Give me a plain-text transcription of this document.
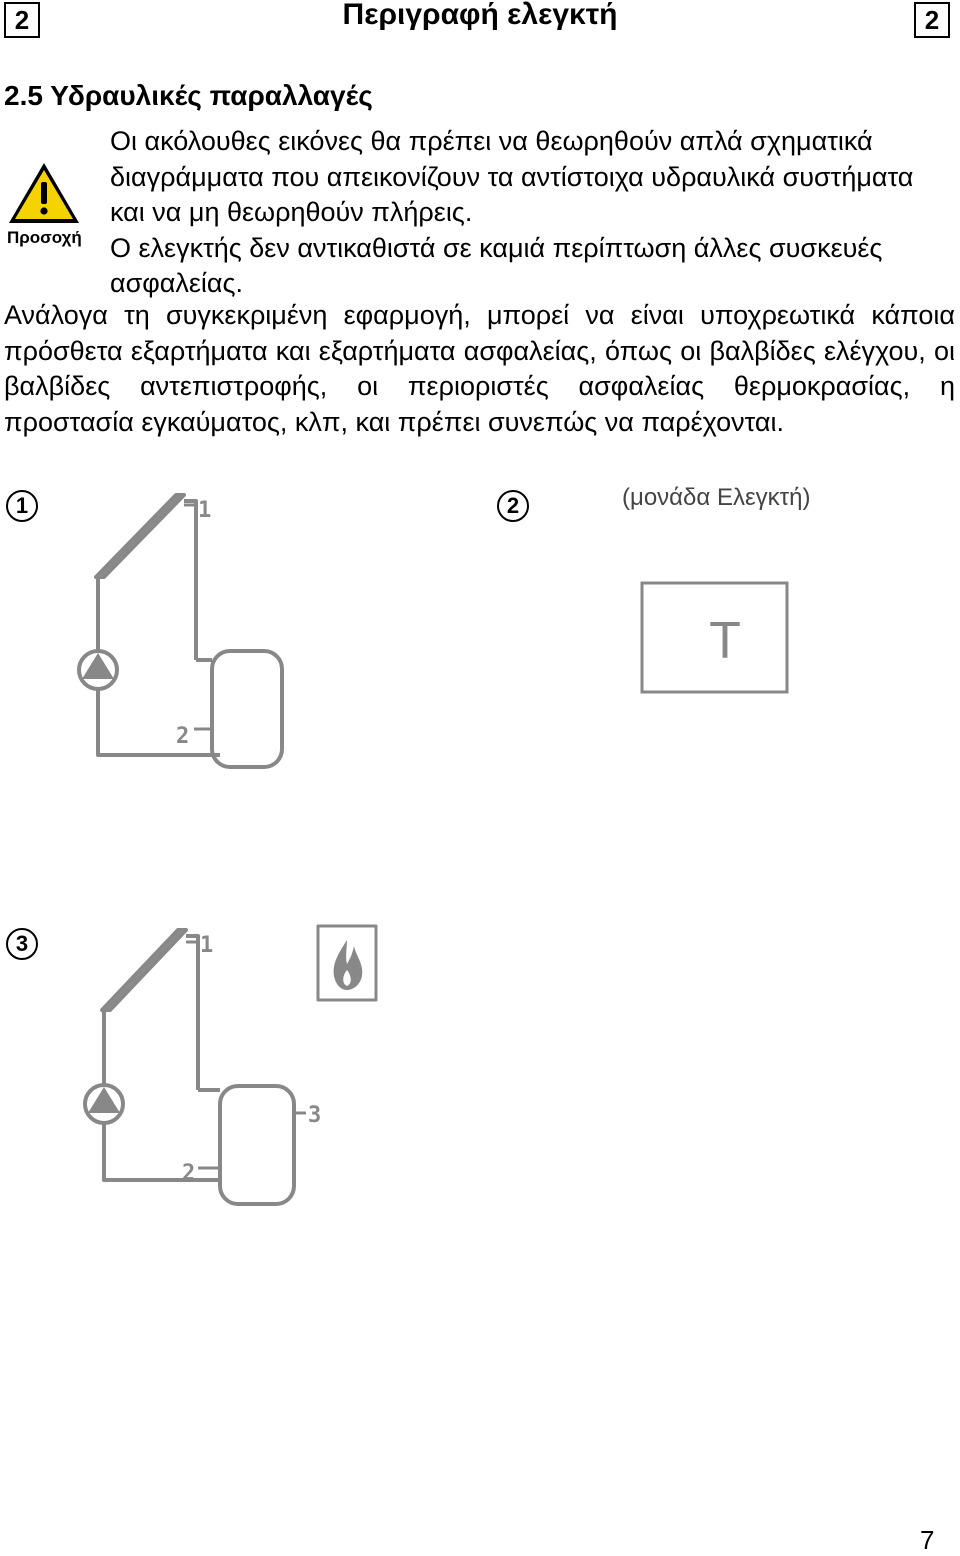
2	Περιγραφή ελεγκτή	2
2.5 Υδραυλικές παραλλαγές
Προσοχή

Οι ακόλουθες εικόνες θα πρέπει να θεωρηθούν απλά σχηματικά διαγράμματα που απεικονίζουν τα αντίστοιχα υδραυλικά συστήματα και να μη θεωρηθούν πλήρεις.

Ο ελεγκτής δεν αντικαθιστά σε καμιά περίπτωση άλλες συσκευές ασφαλείας.

Ανάλογα τη συγκεκριμένη εφαρμογή, μπορεί να είναι υποχρεωτικά κάποια πρόσθετα εξαρτήματα και εξαρτήματα ασφαλείας, όπως οι βαλβίδες ελέγχου, οι βαλβίδες αντεπιστροφής, οι περιοριστές ασφαλείας θερμοκρασίας, η προστασία εγκαύματος, κλπ, και πρέπει συνεπώς να παρέχονται.

1	2	(μονάδα Ελεγκτή)
3
1
2
T
1
2
3
7
